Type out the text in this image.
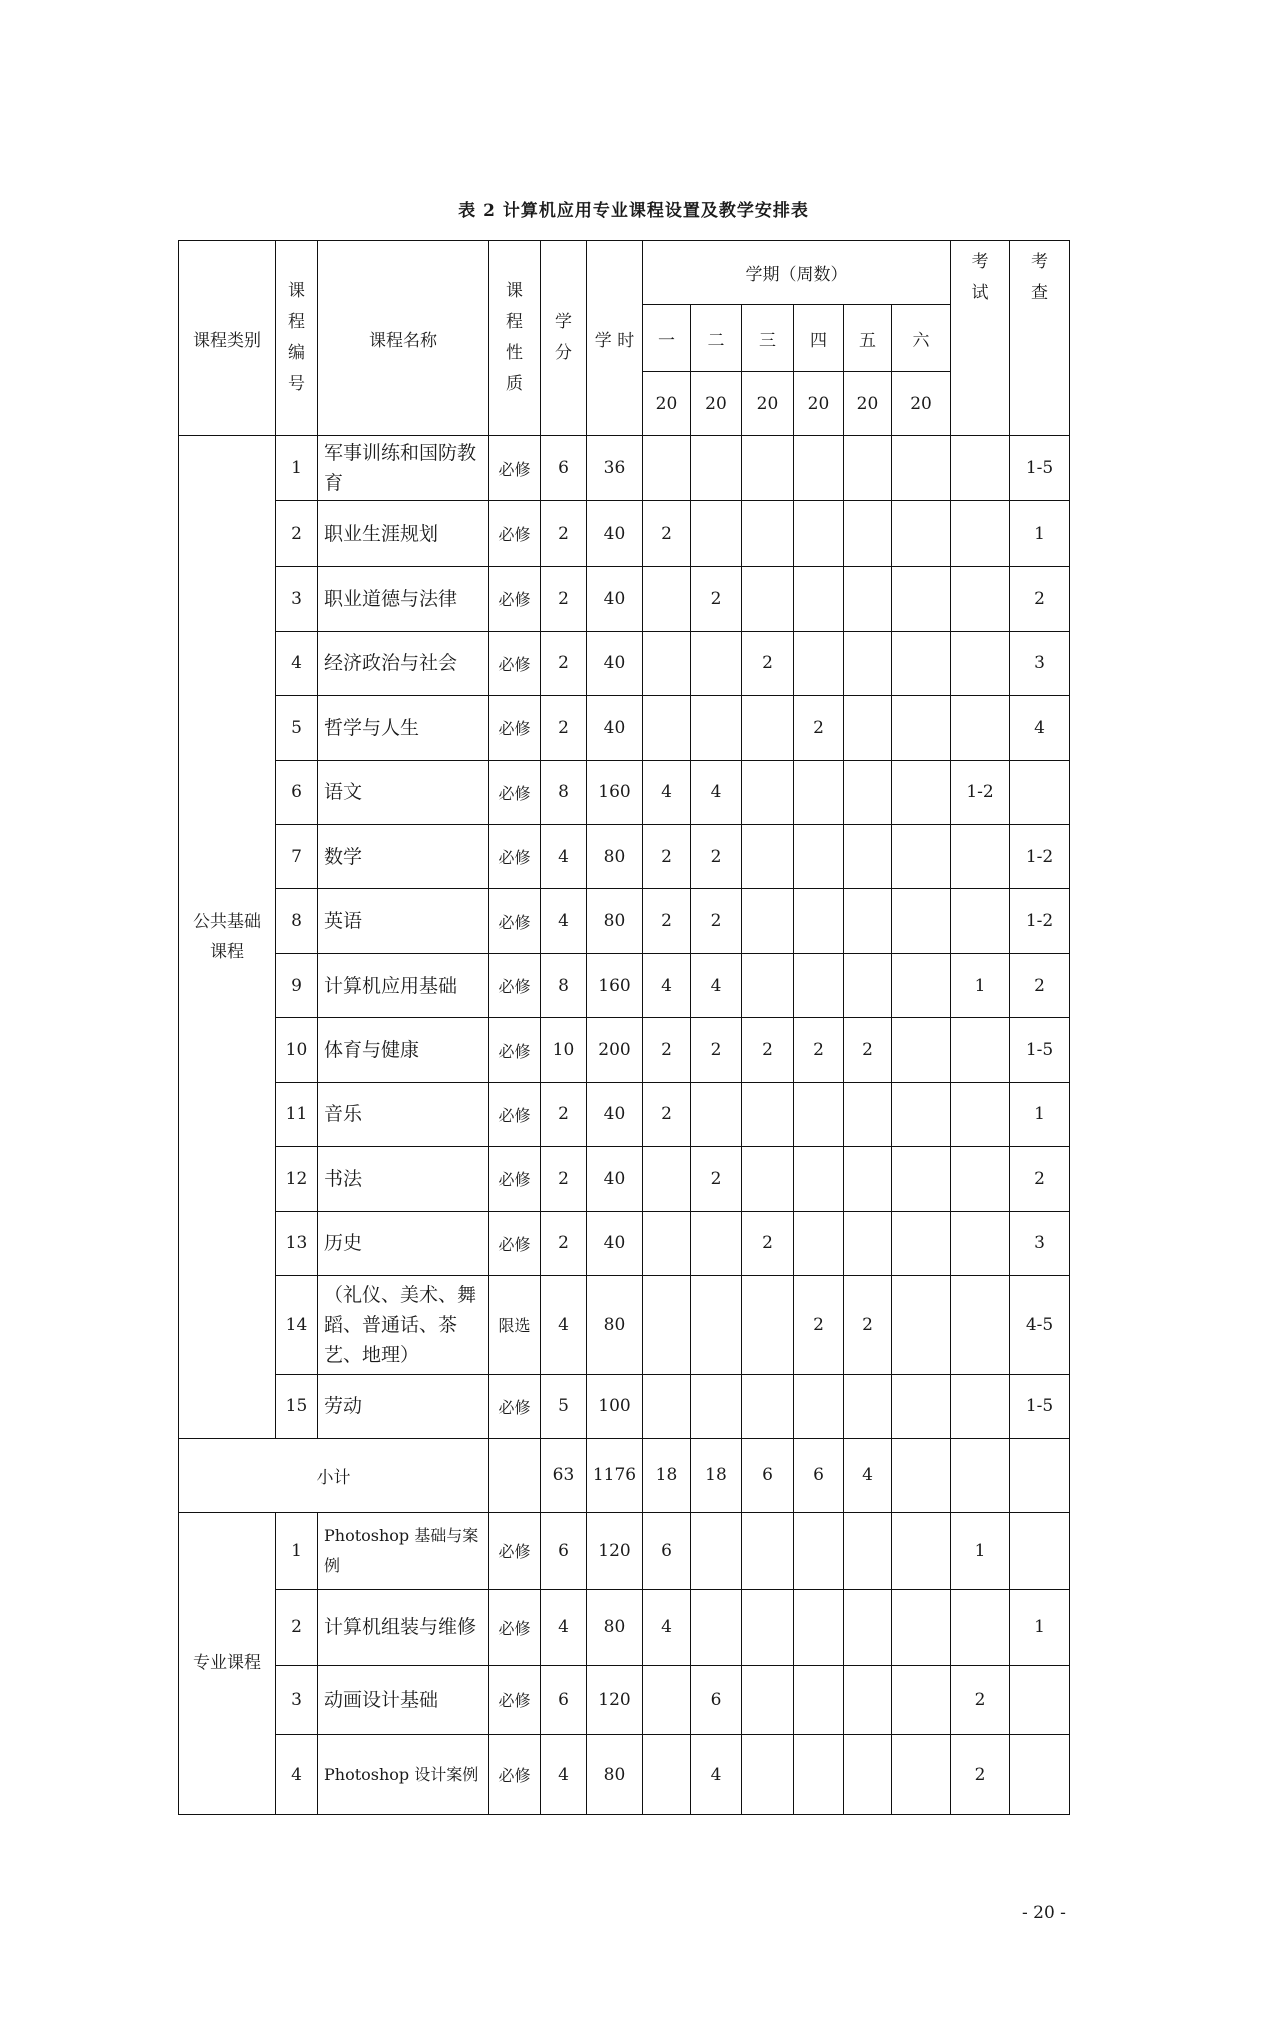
表 2 计算机应用专业课程设置及教学安排表
课程类别	课程编号	课程名称	课程性质	学分	学 时	学期（周数）						考试	考查
						一	二	三	四	五	六		
						20	20	20	20	20	20		
公共基础课程	1	军事训练和国防教育	必修	6	36								1-5
	2	职业生涯规划	必修	2	40	2							1
	3	职业道德与法律	必修	2	40		2						2
	4	经济政治与社会	必修	2	40			2					3
	5	哲学与人生	必修	2	40				2				4
	6	语文	必修	8	160	4	4					1-2	
	7	数学	必修	4	80	2	2						1-2
	8	英语	必修	4	80	2	2						1-2
	9	计算机应用基础	必修	8	160	4	4					1	2
	10	体育与健康	必修	10	200	2	2	2	2	2			1-5
	11	音乐	必修	2	40	2							1
	12	书法	必修	2	40		2						2
	13	历史	必修	2	40			2					3
	14	（礼仪、美术、舞蹈、普通话、茶艺、地理）	限选	4	80				2	2			4-5
	15	劳动	必修	5	100								1-5
小计				63	1176	18	18	6	6	4			
专业课程	1	Photoshop 基础与案例	必修	6	120	6						1	
	2	计算机组装与维修	必修	4	80	4							1
	3	动画设计基础	必修	6	120		6					2	
	4	Photoshop 设计案例	必修	4	80		4					2	
- 20 -
